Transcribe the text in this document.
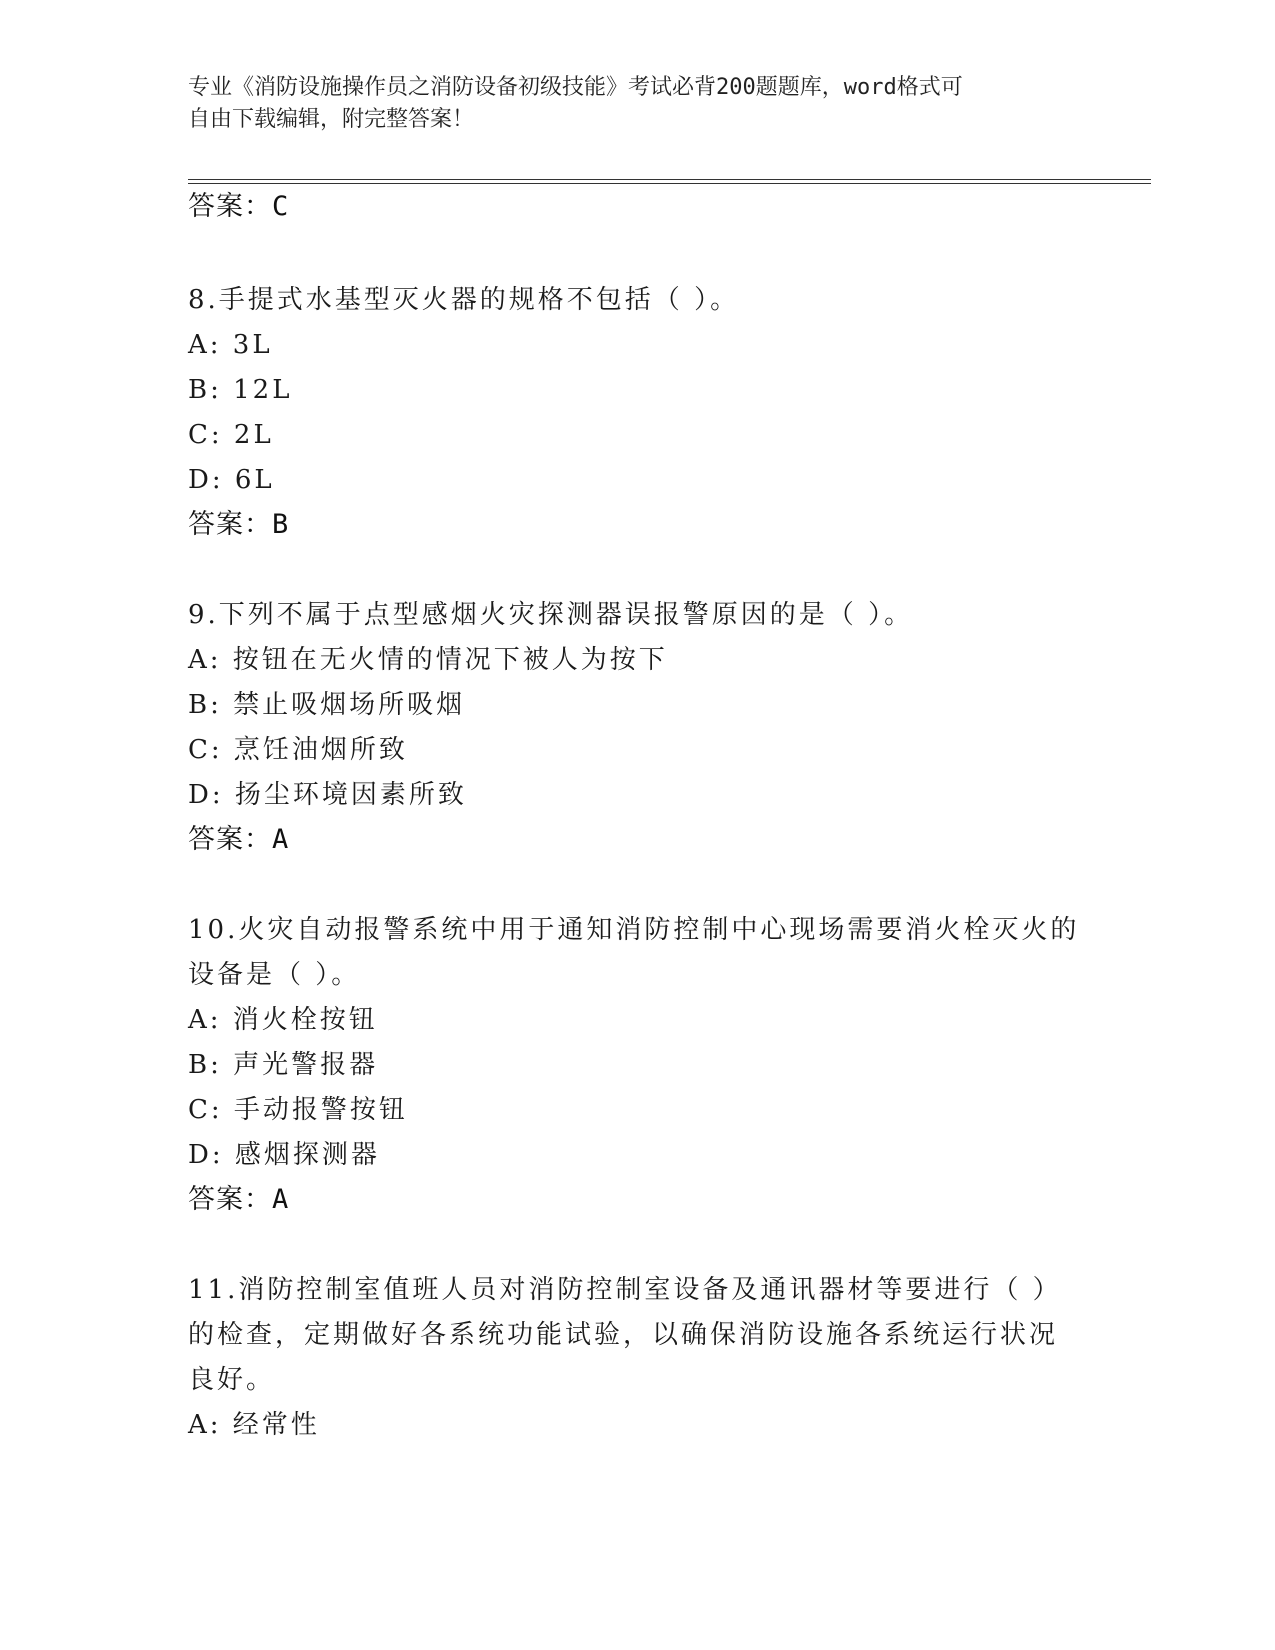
专业《消防设施操作员之消防设备初级技能》考试必背200题题库，word格式可
自由下载编辑，附完整答案！
答案：C
8.手提式水基型灭火器的规格不包括（ ）。
A: 3L
B: 12L
C: 2L
D: 6L
答案：B
9.下列不属于点型感烟火灾探测器误报警原因的是（ ）。
A: 按钮在无火情的情况下被人为按下
B: 禁止吸烟场所吸烟
C: 烹饪油烟所致
D: 扬尘环境因素所致
答案：A
10.火灾自动报警系统中用于通知消防控制中心现场需要消火栓灭火的
设备是（ ）。
A: 消火栓按钮
B: 声光警报器
C: 手动报警按钮
D: 感烟探测器
答案：A
11.消防控制室值班人员对消防控制室设备及通讯器材等要进行（ ）
的检查，定期做好各系统功能试验，以确保消防设施各系统运行状况
良好。
A: 经常性
